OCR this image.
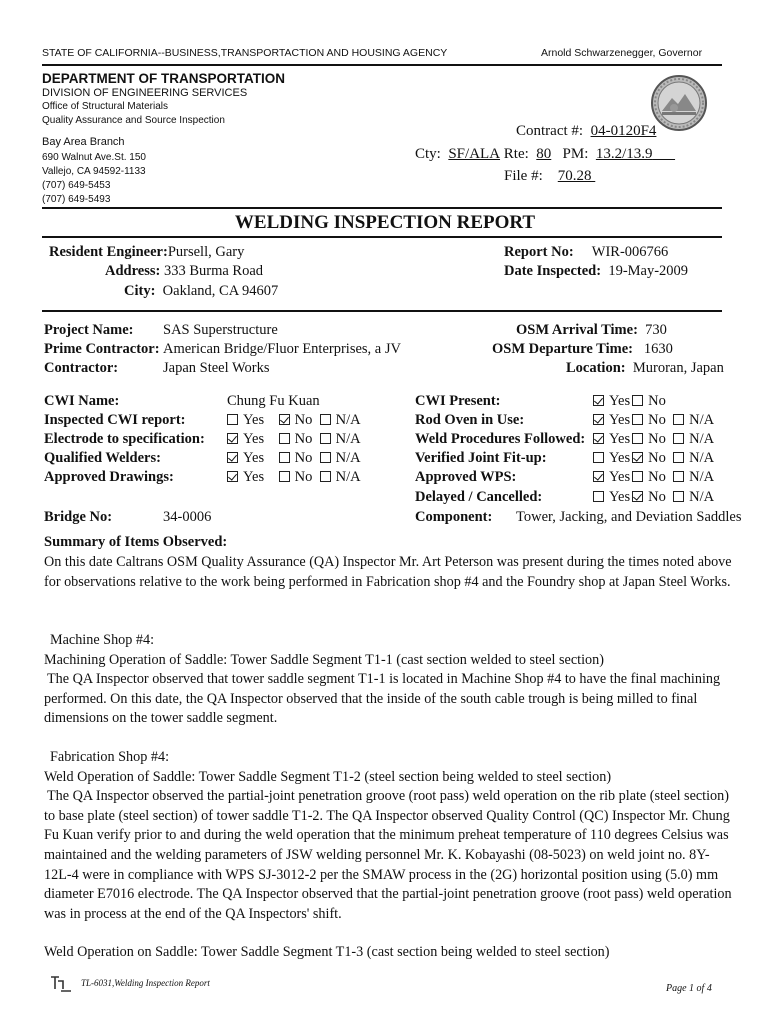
STATE OF CALIFORNIA--BUSINESS,TRANSPORTACTION AND HOUSING AGENCY	Arnold Schwarzenegger, Governor
DEPARTMENT OF TRANSPORTATION
DIVISION OF ENGINEERING SERVICES
Office of Structural Materials
Quality Assurance and Source Inspection
Bay Area Branch
690 Walnut Ave.St. 150
Vallejo, CA 94592-1133
(707) 649-5453
(707) 649-5493
Contract #: 04-0120F4
Cty: SF/ALA Rte: 80 PM: 13.2/13.9
File #: 70.28
WELDING INSPECTION REPORT
Resident Engineer:Pursell, Gary
Address: 333 Burma Road
City: Oakland, CA 94607
Report No: WIR-006766
Date Inspected: 19-May-2009
Project Name: SAS Superstructure
Prime Contractor: American Bridge/Fluor Enterprises, a JV
Contractor:	Japan Steel Works
OSM Arrival Time: 730
OSM Departure Time: 1630
Location: Muroran, Japan
CWI Name:	Chung Fu Kuan
Inspected CWI report:	Yes No N/A
Electrode to specification:	Yes No N/A
Qualified Welders:	Yes No N/A
Approved Drawings:	Yes No N/A
CWI Present:	Yes No
Rod Oven in Use:	Yes No N/A
Weld Procedures Followed:	Yes No N/A
Verified Joint Fit-up:	Yes No N/A
Approved WPS:	Yes No N/A
Delayed / Cancelled:	Yes No N/A
Bridge No:	34-0006	Component: Tower, Jacking, and Deviation Saddles
Summary of Items Observed:

On this date Caltrans OSM Quality Assurance (QA) Inspector Mr. Art Peterson was present during the times noted above for observations relative to the work being performed in Fabrication shop #4 and the Foundry shop at Japan Steel Works.

Machine Shop #4:

Machining Operation of Saddle: Tower Saddle Segment T1-1 (cast section welded to steel section)

The QA Inspector observed that tower saddle segment T1-1 is located in Machine Shop #4 to have the final machining performed. On this date, the QA Inspector observed that the inside of the south cable trough is being milled to final dimensions on the tower saddle segment.

Fabrication Shop #4:

Weld Operation of Saddle: Tower Saddle Segment T1-2 (steel section being welded to steel section)

The QA Inspector observed the partial-joint penetration groove (root pass) weld operation on the rib plate (steel section) to base plate (steel section) of tower saddle T1-2. The QA Inspector observed Quality Control (QC) Inspector Mr. Chung Fu Kuan verify prior to and during the weld operation that the minimum preheat temperature of 110 degrees Celsius was maintained and the welding parameters of JSW welding personnel Mr. K. Kobayashi (08-5023) on weld joint no. 8Y-12L-4 were in compliance with WPS SJ-3012-2 per the SMAW process in the (2G) horizontal position using (5.0) mm diameter E7016 electrode. The QA Inspector observed that the partial-joint penetration groove (root pass) weld operation was in process at the end of the QA Inspectors' shift.

Weld Operation on Saddle: Tower Saddle Segment T1-3 (cast section being welded to steel section)

TL-6031,Welding Inspection Report	Page 1 of 4
